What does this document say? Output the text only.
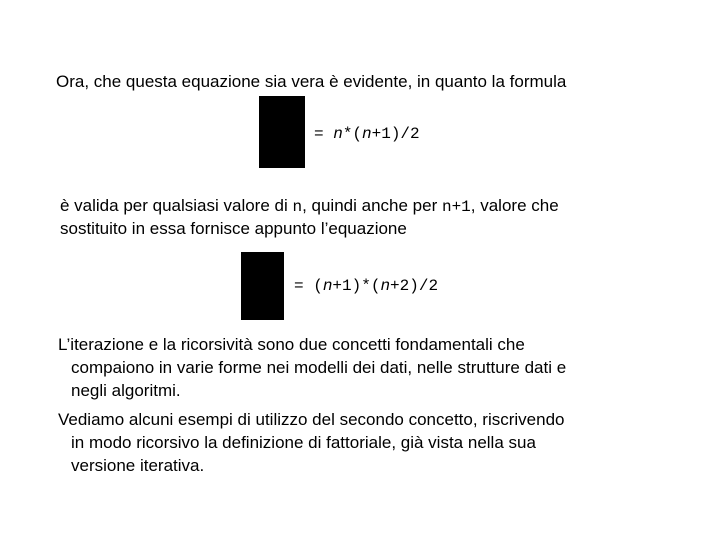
Ora, che questa equazione sia vera è evidente, in quanto la formula
= n*(n+1)/2
è valida per qualsiasi valore di n, quindi anche per n+1, valore che
sostituito in essa fornisce appunto l’equazione
= (n+1)*(n+2)/2
L’iterazione e la ricorsività sono due concetti fondamentali che
compaiono in varie forme nei modelli dei dati, nelle strutture dati e
negli algoritmi.
Vediamo alcuni esempi di utilizzo del secondo concetto, riscrivendo
in modo ricorsivo la definizione di fattoriale, già vista nella sua
versione iterativa.
